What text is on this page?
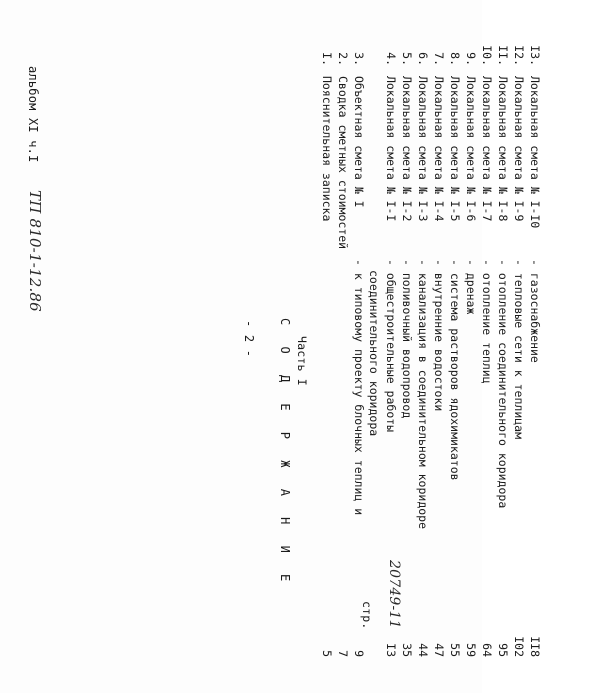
альбом XI ч.I
ТП 810-1-12.86
- 2 -
20749-11
С О Д Е Р Ж А Н И Е Часть I
стр.
I.
Пояснительная записка
5
2.
Сводка сметных стоимостей
7
3.
Объектная смета № I
- к типовому проекту блочных теплиц и
9
соединительного коридора
4.
Локальная смета № I-I
- общестроительные работы
I3
5.
Локальная смета № I-2
- поливочный водопровод
35
6.
Локальная смета № I-3
- канализация в соединительном коридоре
44
7.
Локальная смета № I-4
- внутренние водостоки
47
8.
Локальная смета № I-5
- система растворов ядохимикатов
55
9.
Локальная смета № I-6
- дренаж
59
I0.
Локальная смета № I-7
- отопление теплиц
64
II.
Локальная смета № I-8
- отопление соединительного коридора
95
I2.
Локальная смета № I-9
- тепловые сети к теплицам
I02
I3.
Локальная смета № I-I0
- газоснабжение
II8
